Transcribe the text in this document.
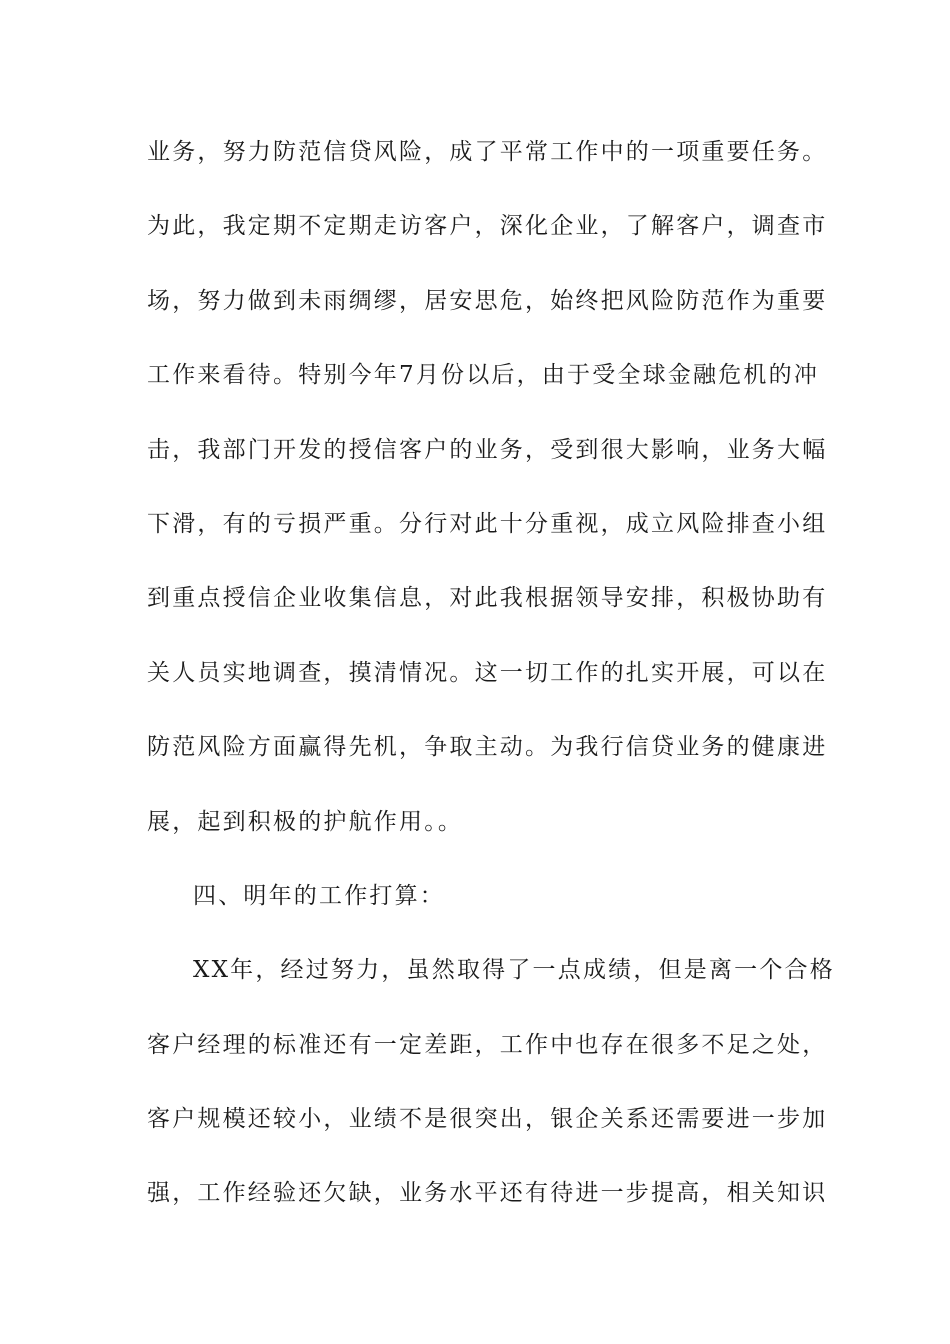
业务，努力防范信贷风险，成了平常工作中的一项重要任务。
为此，我定期不定期走访客户，深化企业，了解客户，调查市
场，努力做到未雨绸缪，居安思危，始终把风险防范作为重要
工作来看待。特别今年7月份以后，由于受全球金融危机的冲
击，我部门开发的授信客户的业务，受到很大影响，业务大幅
下滑，有的亏损严重。分行对此十分重视，成立风险排查小组
到重点授信企业收集信息，对此我根据领导安排，积极协助有
关人员实地调查，摸清情况。这一切工作的扎实开展，可以在
防范风险方面赢得先机，争取主动。为我行信贷业务的健康进
展，起到积极的护航作用。。
四、明年的工作打算：
XX年，经过努力，虽然取得了一点成绩，但是离一个合格
客户经理的标准还有一定差距，工作中也存在很多不足之处，
客户规模还较小，业绩不是很突出，银企关系还需要进一步加
强，工作经验还欠缺，业务水平还有待进一步提高，相关知识
